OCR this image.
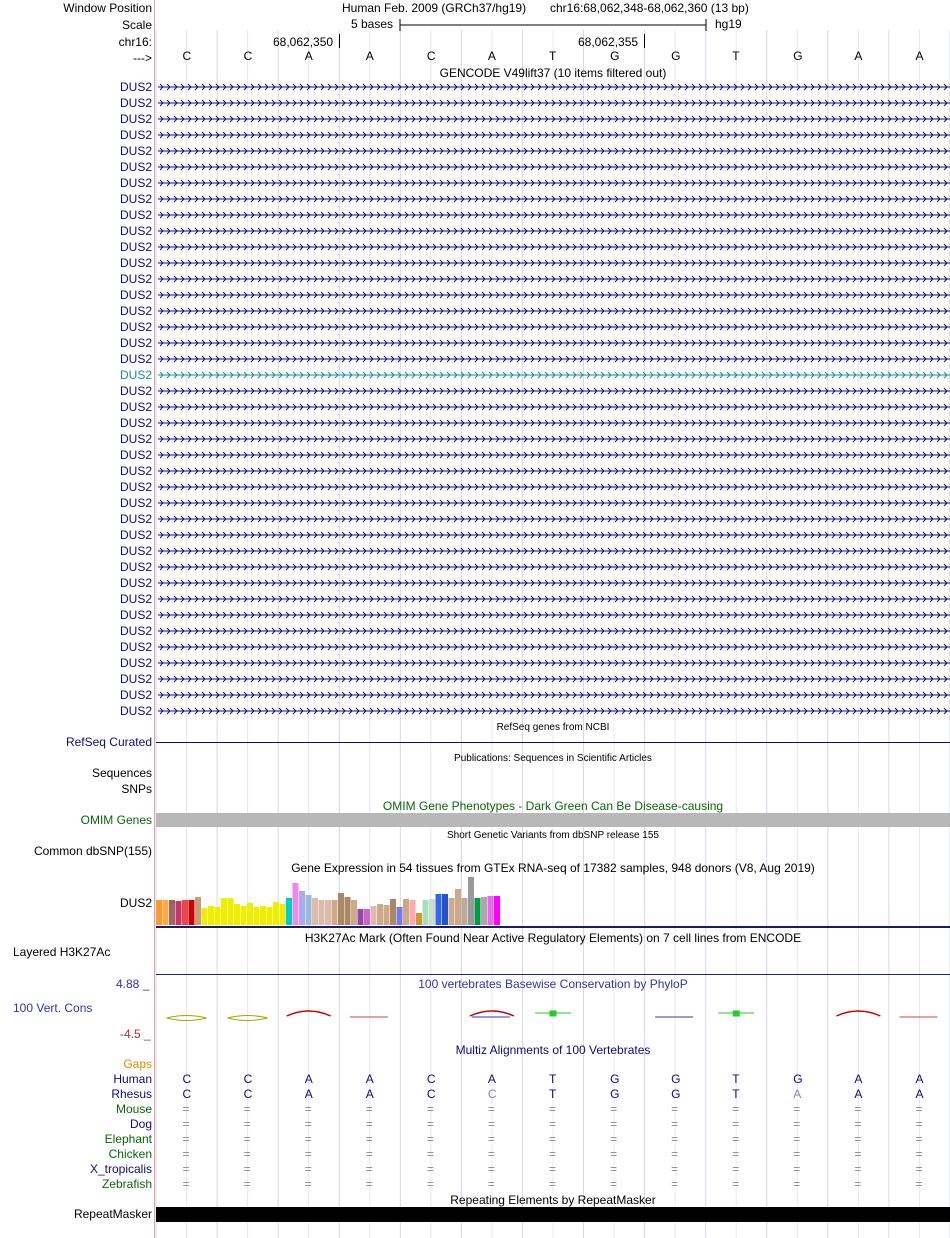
Window Position	Human Feb. 2009 (GRCh37/hg19) chr16:68,062,348-68,062,360 (13 bp)
Scale	5 bases	hg19
chr16:	68,062,350	68,062,355
--->	C	C	A	A	C	A	T	G	G	T	G	A	A
GENCODE V49lift37 (10 items filtered out)
DUS2
DUS2
DUS2
DUS2
DUS2
DUS2
DUS2
DUS2
DUS2
DUS2
DUS2
DUS2
DUS2
DUS2
DUS2
DUS2
DUS2
DUS2
DUS2
DUS2
DUS2
DUS2
DUS2
DUS2
DUS2
DUS2
DUS2
DUS2
DUS2
DUS2
DUS2
DUS2
DUS2
DUS2
DUS2
DUS2
DUS2
DUS2
DUS2
DUS2
RefSeq genes from NCBI
RefSeq Curated
Publications: Sequences in Scientific Articles
Sequences
SNPs
OMIM Gene Phenotypes - Dark Green Can Be Disease-causing
OMIM Genes
Short Genetic Variants from dbSNP release 155
Common dbSNP(155)
Gene Expression in 54 tissues from GTEx RNA-seq of 17382 samples, 948 donors (V8, Aug 2019)
DUS2
H3K27Ac Mark (Often Found Near Active Regulatory Elements) on 7 cell lines from ENCODE
Layered H3K27Ac
100 vertebrates Basewise Conservation by PhyloP
4.88 _
100 Vert. Cons
-4.5 _
Multiz Alignments of 100 Vertebrates
Gaps
Human	C	C	A	A	C	A	T	G	G	T	G	A	A
Rhesus	C	C	A	A	C	C	T	G	G	T	A	A	A
Mouse	=	=	=	=	=	=	=	=	=	=	=	=	=
Dog	=	=	=	=	=	=	=	=	=	=	=	=	=
Elephant	=	=	=	=	=	=	=	=	=	=	=	=	=
Chicken	=	=	=	=	=	=	=	=	=	=	=	=	=
X_tropicalis	=	=	=	=	=	=	=	=	=	=	=	=	=
Zebrafish	=	=	=	=	=	=	=	=	=	=	=	=	=
Repeating Elements by RepeatMasker
RepeatMasker
